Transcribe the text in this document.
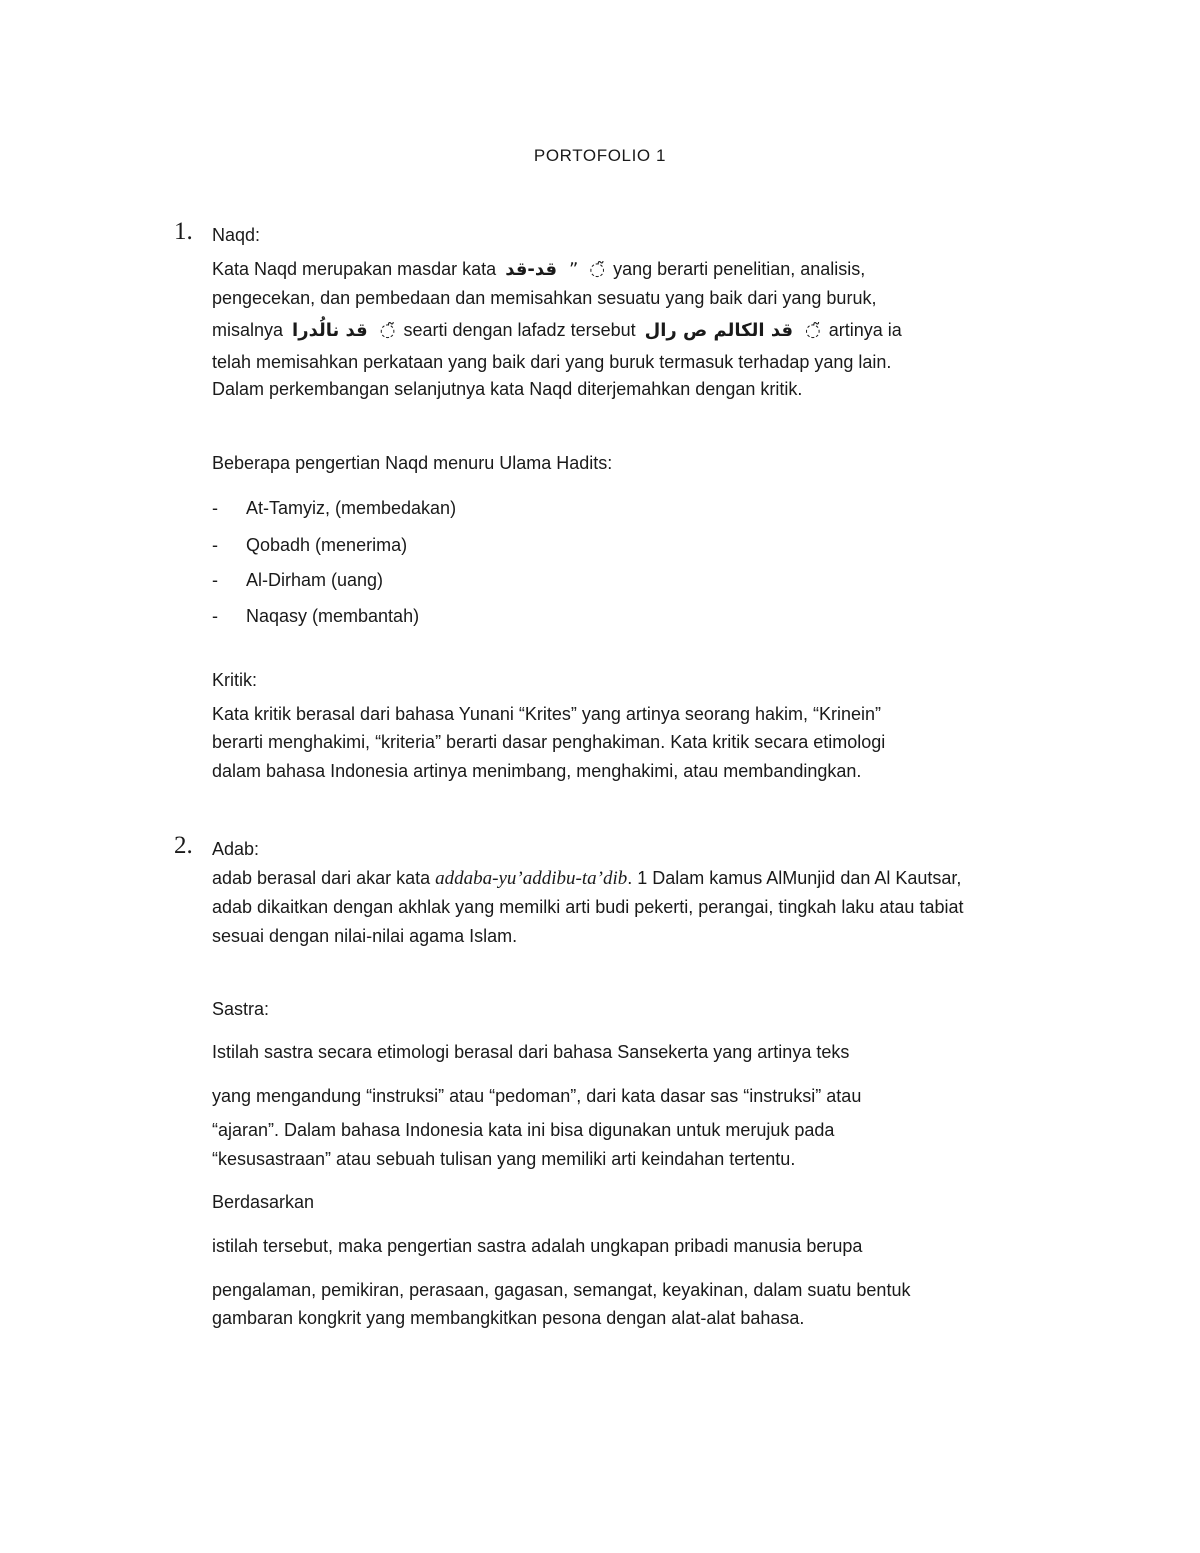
PORTOFOLIO 1
1. Naqd:
Kata Naqd merupakan masdar kata قد-قد ˮ ◌̃ yang berarti penelitian, analisis,
pengecekan, dan pembedaan dan memisahkan sesuatu yang baik dari yang buruk,
misalnya قد نالُدرا ◌̃ searti dengan lafadz tersebut قد الكالم ص رال ◌̃ artinya ia
telah memisahkan perkataan yang baik dari yang buruk termasuk terhadap yang lain.
Dalam perkembangan selanjutnya kata Naqd diterjemahkan dengan kritik.
Beberapa pengertian Naqd menuru Ulama Hadits:
- At-Tamyiz, (membedakan)
- Qobadh (menerima)
- Al-Dirham (uang)
- Naqasy (membantah)
Kritik:
Kata kritik berasal dari bahasa Yunani “Krites” yang artinya seorang hakim, “Krinein”
berarti menghakimi, “kriteria” berarti dasar penghakiman. Kata kritik secara etimologi
dalam bahasa Indonesia artinya menimbang, menghakimi, atau membandingkan.
2. Adab:
adab berasal dari akar kata addaba-yu’addibu-ta’dib. 1 Dalam kamus AlMunjid dan Al Kautsar,
adab dikaitkan dengan akhlak yang memilki arti budi pekerti, perangai, tingkah laku atau tabiat
sesuai dengan nilai-nilai agama Islam.
Sastra:
Istilah sastra secara etimologi berasal dari bahasa Sansekerta yang artinya teks
yang mengandung “instruksi” atau “pedoman”, dari kata dasar sas “instruksi” atau
“ajaran”. Dalam bahasa Indonesia kata ini bisa digunakan untuk merujuk pada
“kesusastraan” atau sebuah tulisan yang memiliki arti keindahan tertentu.
Berdasarkan
istilah tersebut, maka pengertian sastra adalah ungkapan pribadi manusia berupa
pengalaman, pemikiran, perasaan, gagasan, semangat, keyakinan, dalam suatu bentuk
gambaran kongkrit yang membangkitkan pesona dengan alat-alat bahasa.
